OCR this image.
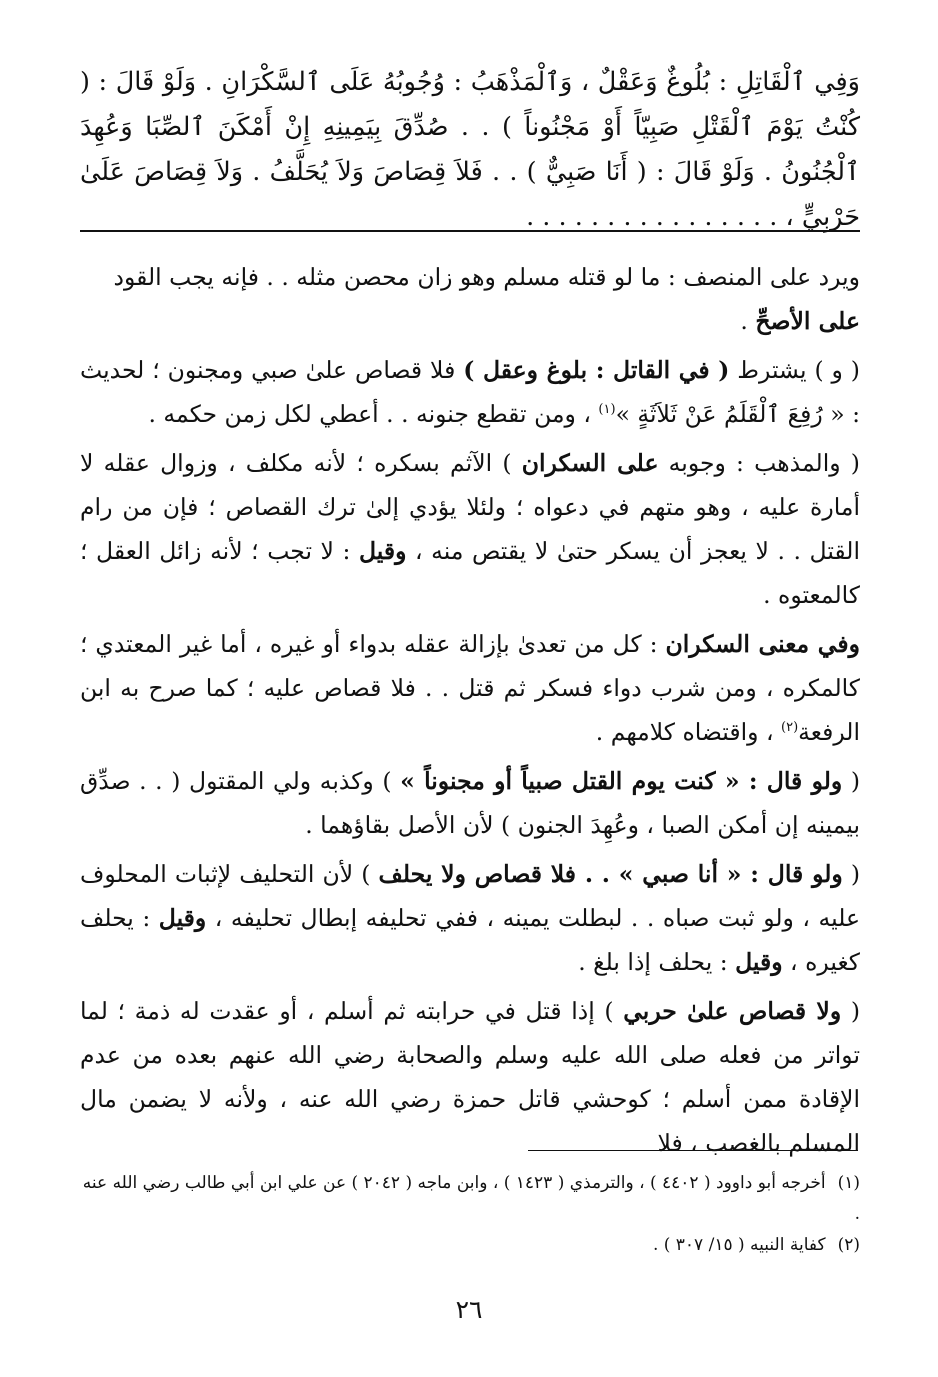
وَفِي ٱلْقَاتِلِ : بُلُوغٌ وَعَقْلٌ ، وَٱلْمَذْهَبُ : وُجُوبُهُ عَلَى ٱلسَّكْرَانِ . وَلَوْ قَالَ : ( كُنْتُ يَوْمَ ٱلْقَتْلِ صَبِيّاً أَوْ مَجْنُوناً ) . . صُدِّقَ بِيَمِينِهِ إِنْ أَمْكَنَ ٱلصِّبَا وَعُهِدَ ٱلْجُنُونُ . وَلَوْ قَالَ : ( أَنَا صَبِيٌّ ) . . فَلاَ قِصَاصَ وَلاَ يُحَلَّفُ . وَلاَ قِصَاصَ عَلَىٰ حَرْبِيٍّ ، . . . . . . . . . . . . . . . .

ويرد على المنصف : ما لو قتله مسلم وهو زان محصن مثله . . فإنه يجب القود
على الأصحِّ .

( و ) يشترط ( في القاتل : بلوغ وعقل ) فلا قصاص علىٰ صبي ومجنون ؛ لحديث : « رُفِعَ ٱلْقَلَمُ عَنْ ثَلاَثَةٍ »$^{(١)}$ ، ومن تقطع جنونه . . أعطي لكل زمن حكمه .

( والمذهب : وجوبه على السكران ) الآثم بسكره ؛ لأنه مكلف ، وزوال عقله لا أمارة عليه ، وهو متهم في دعواه ؛ ولئلا يؤدي إلىٰ ترك القصاص ؛ فإن من رام القتل . . لا يعجز أن يسكر حتىٰ لا يقتص منه ، وقيل : لا تجب ؛ لأنه زائل العقل ؛ كالمعتوه .

وفي معنى السكران : كل من تعدىٰ بإزالة عقله بدواء أو غيره ، أما غير المعتدي ؛ كالمكره ، ومن شرب دواء فسكر ثم قتل . . فلا قصاص عليه ؛ كما صرح به ابن الرفعة$^{(٢)}$ ، واقتضاه كلامهم .

( ولو قال : « كنت يوم القتل صبياً أو مجنوناً » ) وكذبه ولي المقتول ( . . صدِّق بيمينه إن أمكن الصبا ، وعُهِدَ الجنون ) لأن الأصل بقاؤهما .

( ولو قال : « أنا صبي » . . فلا قصاص ولا يحلف ) لأن التحليف لإثبات المحلوف عليه ، ولو ثبت صباه . . لبطلت يمينه ، ففي تحليفه إبطال تحليفه ، وقيل : يحلف كغيره ، وقيل : يحلف إذا بلغ .

( ولا قصاص علىٰ حربي ) إذا قتل في حرابته ثم أسلم ، أو عقدت له ذمة ؛ لما تواتر من فعله صلى الله عليه وسلم والصحابة رضي الله عنهم بعده من عدم الإقادة ممن أسلم ؛ كوحشي قاتل حمزة رضي الله عنه ، ولأنه لا يضمن مال المسلم بالغصب ، فلا

(١)أخرجه أبو داوود ( ٤٤٠٢ ) ، والترمذي ( ١٤٢٣ ) ، وابن ماجه ( ٢٠٤٢ ) عن علي ابن أبي طالب رضي الله عنه .

(٢)كفاية النبيه ( ١٥/ ٣٠٧ ) .

٢٦
